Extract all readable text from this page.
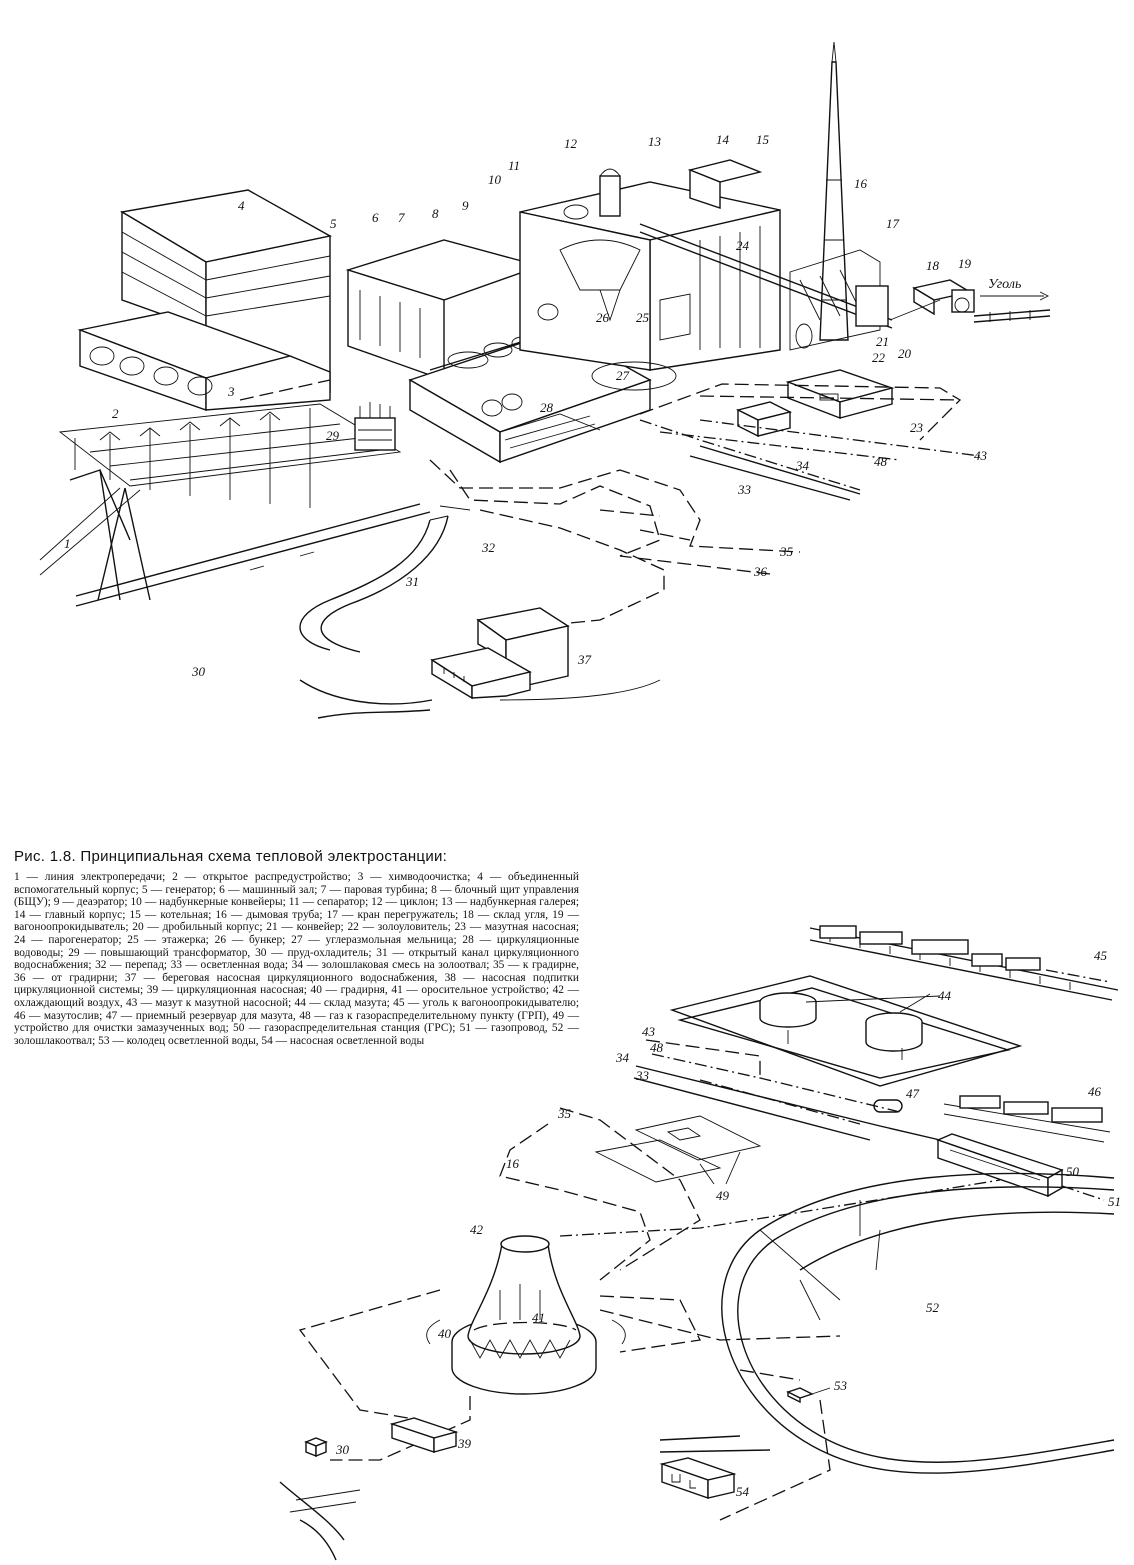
4
2
3
1
5	6 7 8
9
10
11
12	13	14 15
16
17
18 19
20
21
22
23
24
25
26
27
28
29
30
31
32
33
34
35
36
37
43
48
Уголь
45
44
46
47
50
51
49
43
48
34
33
42
41
40
35
16
39
30
52
53
54

Рис. 1.8. Принципиальная схема тепловой электростанции:

1 — линия электропередачи; 2 — открытое распредустройство; 3 — химводоочистка; 4 — объединенный вспомогательный корпус; 5 — генератор; 6 — машинный зал; 7 — паровая турбина; 8 — блочный щит управления (БЩУ); 9 — деаэратор; 10 — надбункерные конвейеры; 11 — сепаратор; 12 — циклон; 13 — надбункерная галерея; 14 — главный корпус; 15 — котельная; 16 — дымовая труба; 17 — кран перегружатель; 18 — склад угля, 19 — вагоноопрокидыватель; 20 — дробильный корпус; 21 — конвейер; 22 — золоуловитель; 23 — мазутная насосная; 24 — парогенератор; 25 — этажерка; 26 — бункер; 27 — углеразмольная мельница; 28 — циркуляционные водоводы; 29 — повышающий трансформатор, 30 — пруд-охладитель; 31 — открытый канал циркуляционного водоснабжения; 32 — перепад; 33 — осветленная вода; 34 — золошлаковая смесь на золоотвал; 35 — к градирне, 36 — от градирни; 37 — береговая насосная циркуляционного водоснабжения, 38 — насосная подпитки циркуляционной системы; 39 — циркуляционная насосная; 40 — градирня, 41 — оросительное устройство; 42 — охлаждающий воздух, 43 — мазут к мазутной насосной; 44 — склад мазута; 45 — уголь к вагоноопрокидывателю; 46 — мазутослив; 47 — приемный резервуар для мазута, 48 — газ к газораспределительному пункту (ГРП), 49 — устройство для очистки замазученных вод; 50 — газораспределительная станция (ГРС); 51 — газопровод, 52 — золошлакоотвал; 53 — колодец осветленной воды, 54 — насосная осветленной воды
